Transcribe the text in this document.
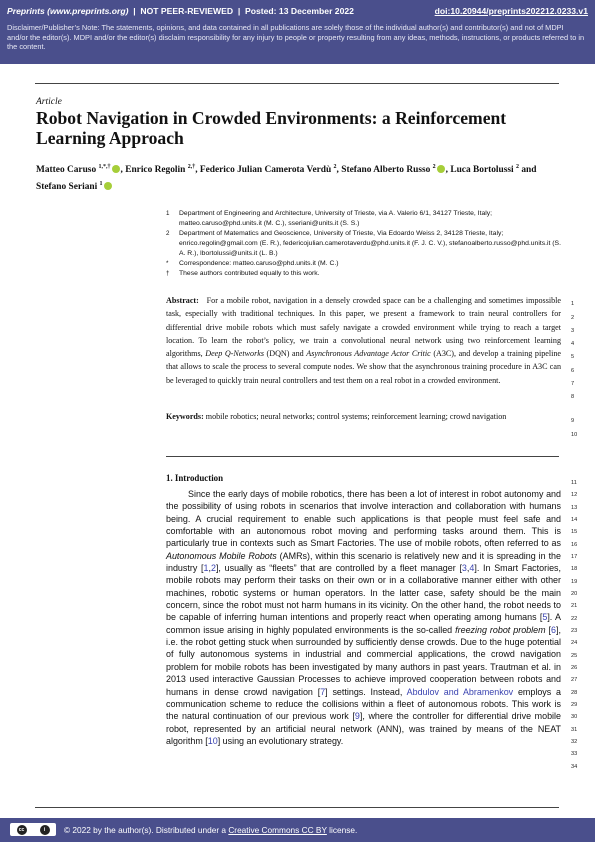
Preprints (www.preprints.org) | NOT PEER-REVIEWED | Posted: 13 December 2022	doi:10.20944/preprints202212.0233.v1
Disclaimer/Publisher’s Note: The statements, opinions, and data contained in all publications are solely those of the individual author(s) and contributor(s) and not of MDPI and/or the editor(s). MDPI and/or the editor(s) disclaim responsibility for any injury to people or property resulting from any ideas, methods, instructions, or products referred to in the content.
Article
Robot Navigation in Crowded Environments: a Reinforcement Learning Approach
Matteo Caruso $^{1,*,\dagger}$ , Enrico Regolin $^{2,\dagger}$, Federico Julian Camerota Verdù $^2$, Stefano Alberto Russo $^2$ , Luca Bortolussi $^2$ and Stefano Seriani $^1$
1 Department of Engineering and Architecture, University of Trieste, via A. Valerio 6/1, 34127 Trieste, Italy; matteo.caruso@phd.units.it (M. C.), sseriani@units.it (S. S.)
2 Department of Matematics and Geoscience, University of Trieste, Via Edoardo Weiss 2, 34128 Trieste, Italy; enrico.regolin@gmail.com (E. R.), federicojulian.camerotaverdu@phd.units.it (F. J. C. V.), stefanoalberto.russo@phd.units.it (S. A. R.), lbortolussi@units.it (L. B.)
* Correspondence: matteo.caruso@phd.units.it (M. C.)
† These authors contributed equally to this work.
Abstract: For a mobile robot, navigation in a densely crowded space can be a challenging and sometimes impossible task, especially with traditional techniques. In this paper, we present a framework to train neural controllers for differential drive mobile robots which must safely navigate a crowded environment while trying to reach a target location. To learn the robot’s policy, we train a convolutional neural network using two reinforcement learning algorithms, Deep Q-Networks (DQN) and Asynchronous Advantage Actor Critic (A3C), and develop a training pipeline that allows to scale the process to several compute nodes. We show that the asynchronous training procedure in A3C can be leveraged to quickly train neural controllers and test them on a real robot in a crowded environment.
Keywords: mobile robotics; neural networks; control systems; reinforcement learning; crowd navigation
1. Introduction

Since the early days of mobile robotics, there has been a lot of interest in robot autonomy and the possibility of using robots in scenarios that involve interaction and collaboration with humans being. A crucial requirement to enable such applications is that people must feel safe and comfortable with an autonomous robot moving and performing tasks around them. This is particularly true in contexts such as Smart Factories. The use of mobile robots, often referred to as Autonomous Mobile Robots (AMRs), within this scenario is relatively new and it is spreading in the industry [1,2], usually as “fleets” that are controlled by a fleet manager [3,4]. In Smart Factories, mobile robots may perform their tasks on their own or in a collaborative manner either with other machines, robotic systems or human operators. In the latter case, safety should be the main concern, since the robot must not harm humans in its vicinity. On the other hand, the robot needs to be capable of inferring human intentions and properly react when operating among humans [5]. A common issue arising in highly populated environments is the so-called freezing robot problem [6], i.e. the robot getting stuck when surrounded by sufficiently dense crowds. Due to the huge potential of fully autonomous systems in industrial and commercial applications, the crowd navigation problem for mobile robots has been investigated by many authors in past years. Trautman et al. in 2013 used interactive Gaussian Processes to achieve improved cooperation between robots and humans in dense crowd navigation [7] settings. Instead, Abdulov and Abramenkov employs a communication scheme to reduce the collisions within a fleet of autonomous robots. This work is the natural continuation of our previous work [9], where the controller for differential drive mobile robot, represented by an artificial neural network (ANN), was trained by means of the NEAT algorithm [10] using an evolutionary strategy.

1
2
3
4
5
6
7
8
9
10
11
12
13
14
15
16
17
18
19
20
21
22
23
24
25
26
27
28
29
30
31
32
33
34
cc	i	© 2022 by the author(s). Distributed under a Creative Commons CC BY license.
